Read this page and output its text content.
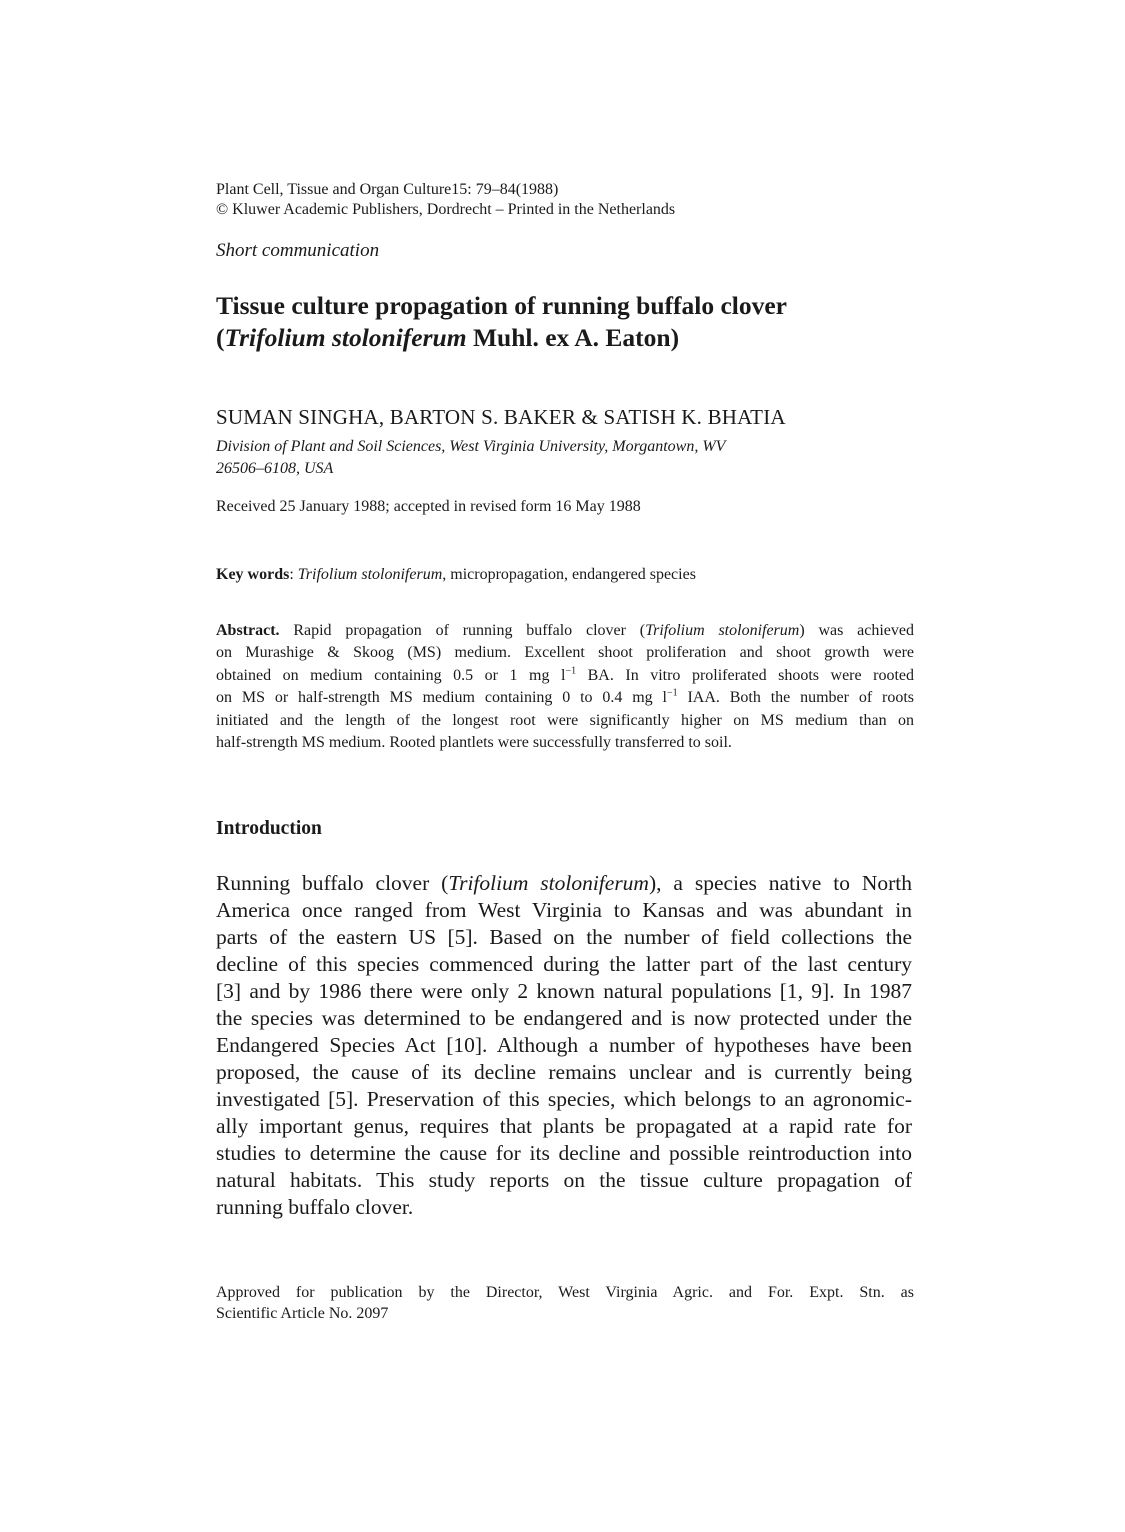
Plant Cell, Tissue and Organ Culture15: 79–84(1988)
© Kluwer Academic Publishers, Dordrecht – Printed in the Netherlands
Short communication
Tissue culture propagation of running buffalo clover
(Trifolium stoloniferum Muhl. ex A. Eaton)
SUMAN SINGHA, BARTON S. BAKER & SATISH K. BHATIA
Division of Plant and Soil Sciences, West Virginia University, Morgantown, WV
26506–6108, USA
Received 25 January 1988; accepted in revised form 16 May 1988
Key words: Trifolium stoloniferum, micropropagation, endangered species
Abstract. Rapid propagation of running buffalo clover (Trifolium stoloniferum) was achieved
on Murashige & Skoog (MS) medium. Excellent shoot proliferation and shoot growth were
obtained on medium containing 0.5 or 1 mg $l^{-1}$ BA. In vitro proliferated shoots were rooted
on MS or half-strength MS medium containing 0 to 0.4 mg $l^{-1}$ IAA. Both the number of roots
initiated and the length of the longest root were significantly higher on MS medium than on
half-strength MS medium. Rooted plantlets were successfully transferred to soil.
Introduction
Running buffalo clover (Trifolium stoloniferum), a species native to North
America once ranged from West Virginia to Kansas and was abundant in
parts of the eastern US [5]. Based on the number of field collections the
decline of this species commenced during the latter part of the last century
[3] and by 1986 there were only 2 known natural populations [1, 9]. In 1987
the species was determined to be endangered and is now protected under the
Endangered Species Act [10]. Although a number of hypotheses have been
proposed, the cause of its decline remains unclear and is currently being
investigated [5]. Preservation of this species, which belongs to an agronomic-
ally important genus, requires that plants be propagated at a rapid rate for
studies to determine the cause for its decline and possible reintroduction into
natural habitats. This study reports on the tissue culture propagation of
running buffalo clover.
Approved for publication by the Director, West Virginia Agric. and For. Expt. Stn. as
Scientific Article No. 2097
